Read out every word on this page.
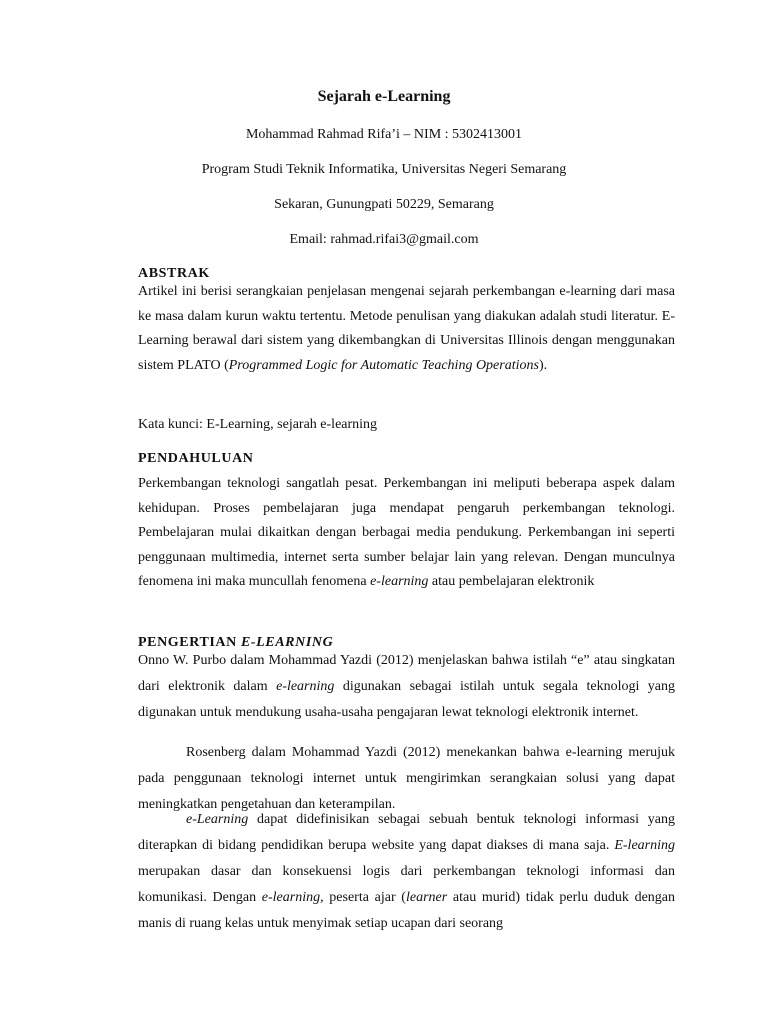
Sejarah e-Learning
Mohammad Rahmad Rifa’i – NIM : 5302413001
Program Studi Teknik Informatika, Universitas Negeri Semarang
Sekaran, Gunungpati 50229, Semarang
Email: rahmad.rifai3@gmail.com
ABSTRAK

Artikel ini berisi serangkaian penjelasan mengenai sejarah perkembangan e-learning dari masa ke masa dalam kurun waktu tertentu. Metode penulisan yang diakukan adalah studi literatur. E-Learning berawal dari sistem yang dikembangkan di Universitas Illinois dengan menggunakan sistem PLATO (Programmed Logic for Automatic Teaching Operations).

Kata kunci: E-Learning, sejarah e-learning
PENDAHULUAN

Perkembangan teknologi sangatlah pesat. Perkembangan ini meliputi beberapa aspek dalam kehidupan. Proses pembelajaran juga mendapat pengaruh perkembangan teknologi. Pembelajaran mulai dikaitkan dengan berbagai media pendukung. Perkembangan ini seperti penggunaan multimedia, internet serta sumber belajar lain yang relevan. Dengan munculnya fenomena ini maka muncullah fenomena e-learning atau pembelajaran elektronik

PENGERTIAN E-LEARNING

Onno W. Purbo dalam Mohammad Yazdi (2012) menjelaskan bahwa istilah “e” atau singkatan dari elektronik dalam e-learning digunakan sebagai istilah untuk segala teknologi yang digunakan untuk mendukung usaha-usaha pengajaran lewat teknologi elektronik internet.

Rosenberg dalam Mohammad Yazdi (2012) menekankan bahwa e-learning merujuk pada penggunaan teknologi internet untuk mengirimkan serangkaian solusi yang dapat meningkatkan pengetahuan dan keterampilan.

e-Learning dapat didefinisikan sebagai sebuah bentuk teknologi informasi yang diterapkan di bidang pendidikan berupa website yang dapat diakses di mana saja. E-learning merupakan dasar dan konsekuensi logis dari perkembangan teknologi informasi dan komunikasi. Dengan e-learning, peserta ajar (learner atau murid) tidak perlu duduk dengan manis di ruang kelas untuk menyimak setiap ucapan dari seorang
